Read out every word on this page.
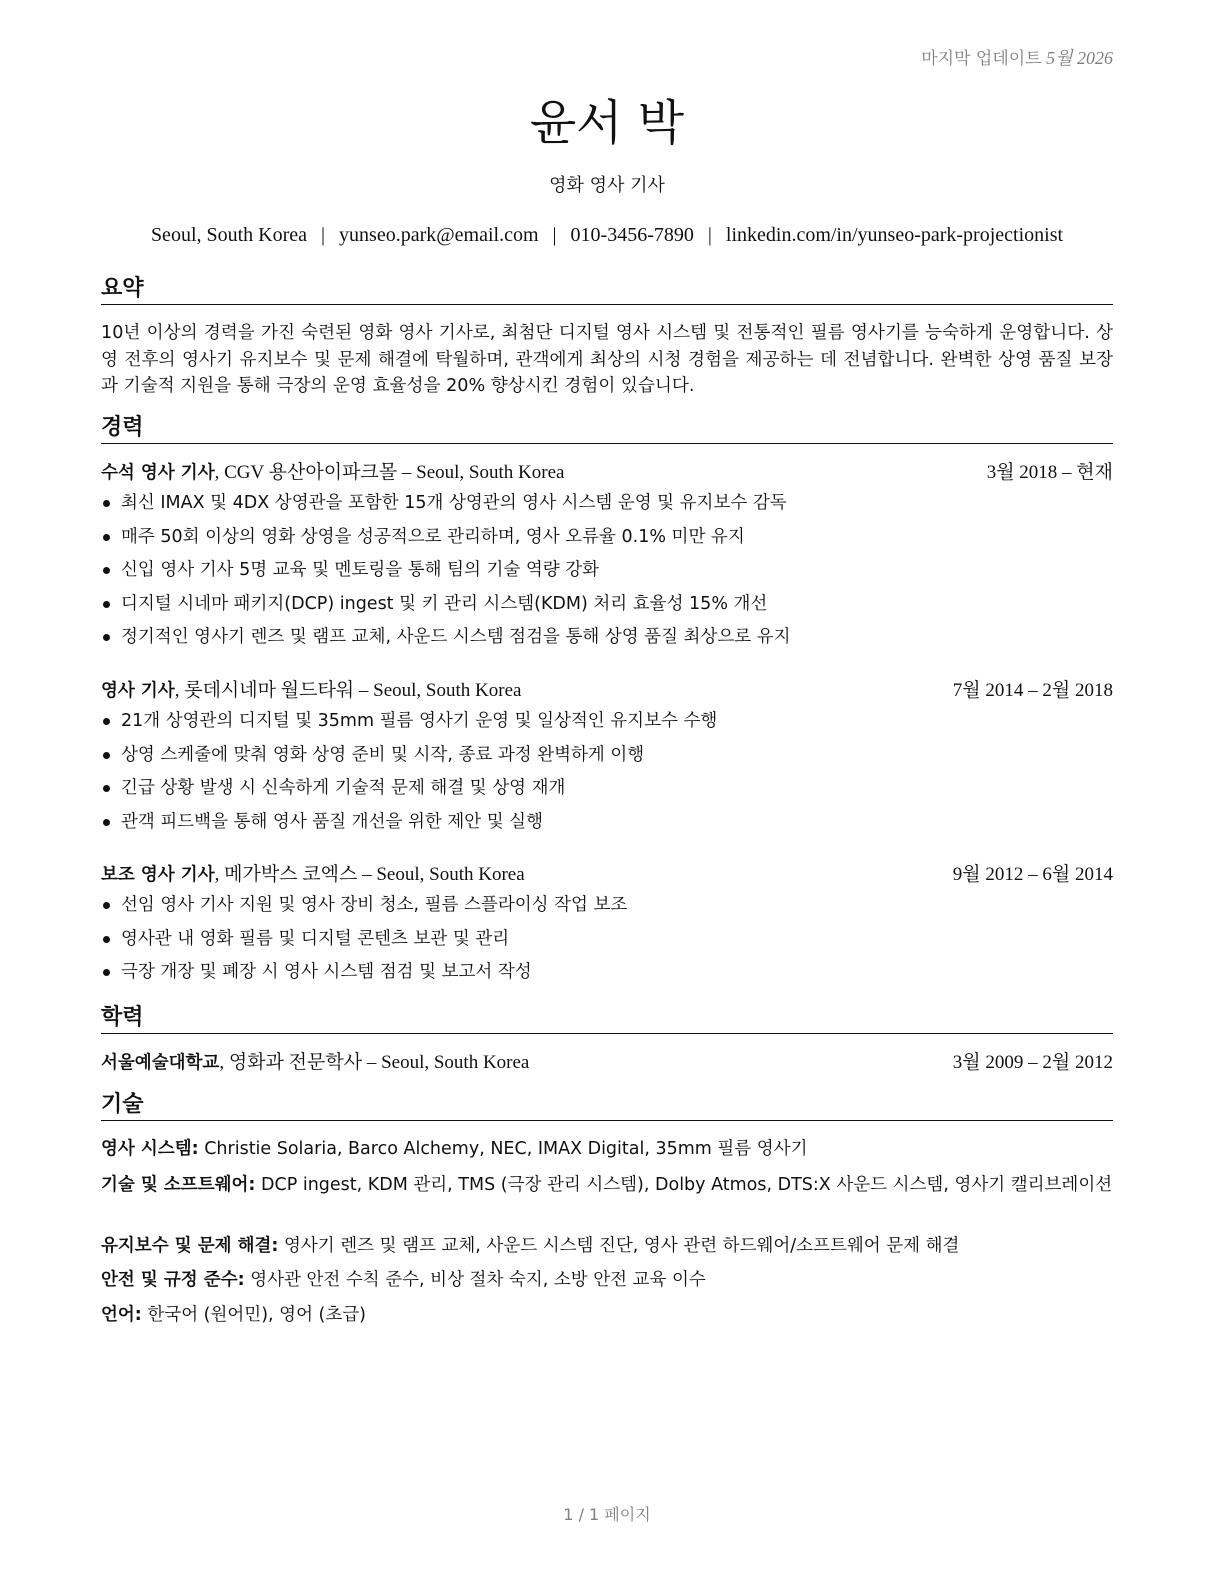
마지막 업데이트 5월 2026
윤서 박
영화 영사 기사
Seoul, South Korea | yunseo.park@email.com | 010-3456-7890 | linkedin.com/in/yunseo-park-projectionist
요약
10년 이상의 경력을 가진 숙련된 영화 영사 기사로, 최첨단 디지털 영사 시스템 및 전통적인 필름 영사기를 능숙하게 운영합니다. 상영 전후의 영사기 유지보수 및 문제 해결에 탁월하며, 관객에게 최상의 시청 경험을 제공하는 데 전념합니다. 완벽한 상영 품질 보장과 기술적 지원을 통해 극장의 운영 효율성을 20% 향상시킨 경험이 있습니다.
경력
수석 영사 기사, CGV 용산아이파크몰 – Seoul, South Korea	3월 2018 – 현재
최신 IMAX 및 4DX 상영관을 포함한 15개 상영관의 영사 시스템 운영 및 유지보수 감독
매주 50회 이상의 영화 상영을 성공적으로 관리하며, 영사 오류율 0.1% 미만 유지
신입 영사 기사 5명 교육 및 멘토링을 통해 팀의 기술 역량 강화
디지털 시네마 패키지(DCP) ingest 및 키 관리 시스템(KDM) 처리 효율성 15% 개선
정기적인 영사기 렌즈 및 램프 교체, 사운드 시스템 점검을 통해 상영 품질 최상으로 유지
영사 기사, 롯데시네마 월드타워 – Seoul, South Korea	7월 2014 – 2월 2018
21개 상영관의 디지털 및 35mm 필름 영사기 운영 및 일상적인 유지보수 수행
상영 스케줄에 맞춰 영화 상영 준비 및 시작, 종료 과정 완벽하게 이행
긴급 상황 발생 시 신속하게 기술적 문제 해결 및 상영 재개
관객 피드백을 통해 영사 품질 개선을 위한 제안 및 실행
보조 영사 기사, 메가박스 코엑스 – Seoul, South Korea	9월 2012 – 6월 2014
선임 영사 기사 지원 및 영사 장비 청소, 필름 스플라이싱 작업 보조
영사관 내 영화 필름 및 디지털 콘텐츠 보관 및 관리
극장 개장 및 폐장 시 영사 시스템 점검 및 보고서 작성
학력
서울예술대학교, 영화과 전문학사 – Seoul, South Korea	3월 2009 – 2월 2012
기술
영사 시스템: Christie Solaria, Barco Alchemy, NEC, IMAX Digital, 35mm 필름 영사기
기술 및 소프트웨어: DCP ingest, KDM 관리, TMS (극장 관리 시스템), Dolby Atmos, DTS:X 사운드 시스템, 영사기 캘리브레이션
유지보수 및 문제 해결: 영사기 렌즈 및 램프 교체, 사운드 시스템 진단, 영사 관련 하드웨어/소프트웨어 문제 해결
안전 및 규정 준수: 영사관 안전 수칙 준수, 비상 절차 숙지, 소방 안전 교육 이수
언어: 한국어 (원어민), 영어 (초급)
1 / 1 페이지
